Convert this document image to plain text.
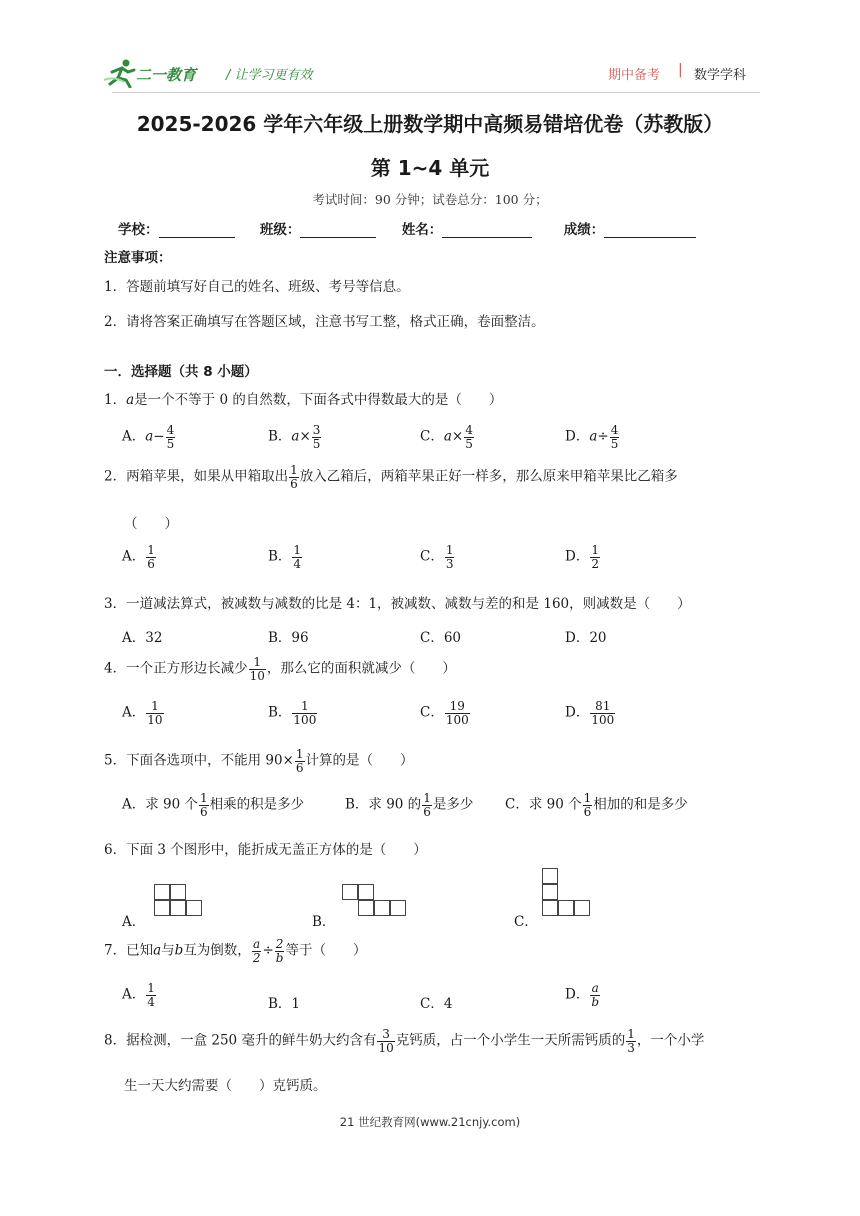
二一教育 / 让学习更有效	期中备考 | 数学学科
2025-2026 学年六年级上册数学期中高频易错培优卷（苏教版）
第 1~4 单元
考试时间：90 分钟；试卷总分：100 分；
学校：	班级：	姓名：	成绩：
注意事项：
1．答题前填写好自己的姓名、班级、考号等信息。
2．请将答案正确填写在答题区域，注意书写工整，格式正确，卷面整洁。
一．选择题（共 8 小题）
1．a是一个不等于 0 的自然数，下面各式中得数最大的是（　　）
A．$a- \frac{4}{5}$	B．$a\times \frac{3}{5}$	C．$a\times \frac{4}{5}$	D．$a\div \frac{4}{5}$
2．两箱苹果，如果从甲箱取出 $\frac{1}{6}$ 放入乙箱后，两箱苹果正好一样多，那么原来甲箱苹果比乙箱多
（　　）
A． $\frac{1}{6}$	B． $\frac{1}{4}$	C． $\frac{1}{3}$	D． $\frac{1}{2}$
3．一道减法算式，被减数与减数的比是 4：1，被减数、减数与差的和是 160，则减数是（　　）
A．32	B．96	C．60	D．20
4．一个正方形边长减少 $\frac{1}{10}$ ，那么它的面积就减少（　　）
A． $\frac{1}{10}$	B． $\frac{1}{100}$	C． $\frac{19}{100}$	D． $\frac{81}{100}$
5．下面各选项中，不能用 $90\times \frac{1}{6}$ 计算的是（　　）
A．求 90 个 $\frac{1}{6}$ 相乘的积是多少	B．求 90 的 $\frac{1}{6}$ 是多少 C．求 90 个 $\frac{1}{6}$ 相加的和是多少
6．下面 3 个图形中，能折成无盖正方体的是（　　）
A．	B．	C．
7．已知a与b互为倒数， $\frac{a}{2} \div \frac{2}{b}$ 等于（　　）
A． $\frac{1}{4}$	B．1	C．4
D． $\frac{a}{b}$
8．据检测，一盒 250 毫升的鲜牛奶大约含有 $\frac{3}{10}$ 克钙质，占一个小学生一天所需钙质的 $\frac{1}{3}$ ，一个小学
生一天大约需要（　　）克钙质。
21 世纪教育网(www.21cnjy.com)
